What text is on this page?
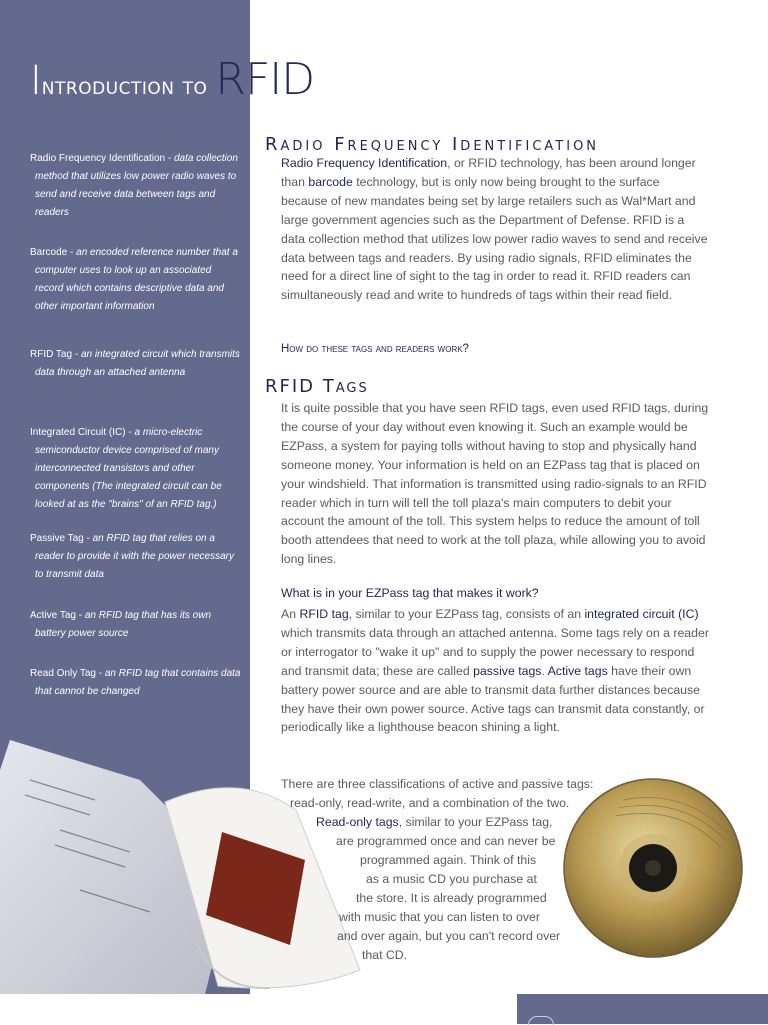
Introduction to RFID

Radio Frequency Identification - data collection method that utilizes low power radio waves to send and receive data between tags and readers

Barcode - an encoded reference number that a computer uses to look up an associated record which contains descriptive data and other important information

RFID Tag - an integrated circuit which transmits data through an attached antenna

Integrated Circuit (IC) - a micro-electric semiconductor device comprised of many interconnected transistors and other components (The integrated circuit can be looked at as the "brains" of an RFID tag.)

Passive Tag - an RFID tag that relies on a reader to provide it with the power necessary to transmit data

Active Tag - an RFID tag that has its own battery power source

Read Only Tag - an RFID tag that contains data that cannot be changed

Radio Frequency Identification

Radio Frequency Identification, or RFID technology, has been around longer than barcode technology, but is only now being brought to the surface because of new mandates being set by large retailers such as Wal*Mart and large government agencies such as the Department of Defense. RFID is a data collection method that utilizes low power radio waves to send and receive data between tags and readers. By using radio signals, RFID eliminates the need for a direct line of sight to the tag in order to read it. RFID readers can simultaneously read and write to hundreds of tags within their read field.

How do these tags and readers work?

RFID Tags

It is quite possible that you have seen RFID tags, even used RFID tags, during the course of your day without even knowing it. Such an example would be EZPass, a system for paying tolls without having to stop and physically hand someone money. Your information is held on an EZPass tag that is placed on your windshield. That information is transmitted using radio-signals to an RFID reader which in turn will tell the toll plaza's main computers to debit your account the amount of the toll. This system helps to reduce the amount of toll booth attendees that need to work at the toll plaza, while allowing you to avoid long lines.

What is in your EZPass tag that makes it work?

An RFID tag, similar to your EZPass tag, consists of an integrated circuit (IC) which transmits data through an attached antenna. Some tags rely on a reader or interrogator to "wake it up" and to supply the power necessary to respond and transmit data; these are called passive tags. Active tags have their own battery power source and are able to transmit data further distances because they have their own power source. Active tags can transmit data constantly, or periodically like a lighthouse beacon shining a light.

There are three classifications of active and passive tags:

read-only, read-write, and a combination of the two.

Read-only tags, similar to your EZPass tag,

are programmed once and can never be

programmed again. Think of this

as a music CD you purchase at

the store. It is already programmed

with music that you can listen to over

and over again, but you can't record over

that CD.
